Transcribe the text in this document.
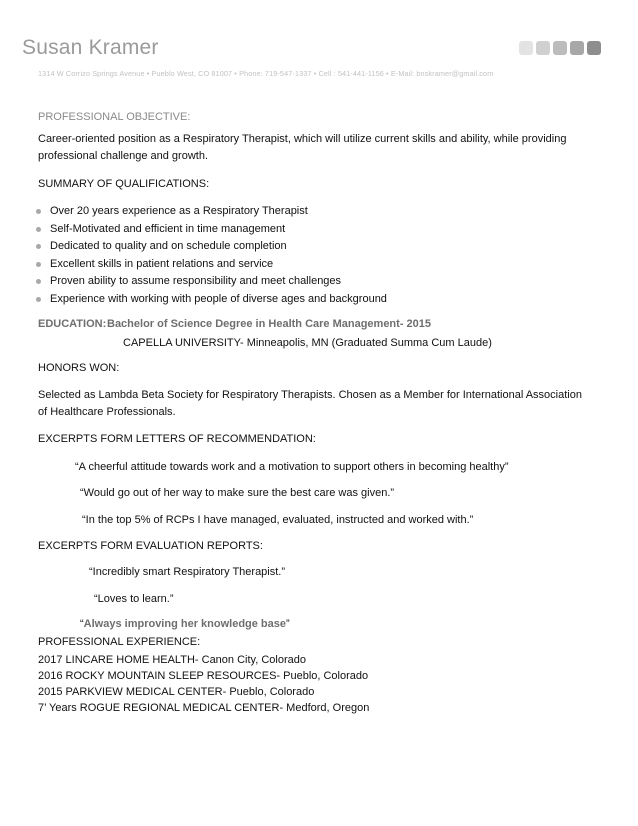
Susan Kramer
1314 W Corrizo Springs Avenue • Pueblo West, CO 81007 • Phone: 719-547-1337 • Cell : 541-441-1156 • E-Mail: bnskramer@gmail.com
PROFESSIONAL OBJECTIVE:
Career-oriented position as a Respiratory Therapist, which will utilize current skills and ability, while providing
professional challenge and growth.
SUMMARY OF QUALIFICATIONS:
Over 20 years experience as a Respiratory Therapist
Self-Motivated and efficient in time management
Dedicated to quality and on schedule completion
Excellent skills in patient relations and service
Proven ability to assume responsibility and meet challenges
Experience with working with people of diverse ages and background
EDUCATION: Bachelor of Science Degree in Health Care Management- 2015
CAPELLA UNIVERSITY- Minneapolis, MN (Graduated Summa Cum Laude)
HONORS WON:
Selected as Lambda Beta Society for Respiratory Therapists. Chosen as a Member for International Association
of Healthcare Professionals.
EXCERPTS FORM LETTERS OF RECOMMENDATION:
“A cheerful attitude towards work and a motivation to support others in becoming healthy”
“Would go out of her way to make sure the best care was given.”
“In the top 5% of RCPs I have managed, evaluated, instructed and worked with.”
EXCERPTS FORM EVALUATION REPORTS:
“Incredibly smart Respiratory Therapist.”
“Loves to learn.”
“Always improving her knowledge base”
PROFESSIONAL EXPERIENCE:
2017 LINCARE HOME HEALTH- Canon City, Colorado
2016 ROCKY MOUNTAIN SLEEP RESOURCES- Pueblo, Colorado
2015 PARKVIEW MEDICAL CENTER- Pueblo, Colorado
7’ Years ROGUE REGIONAL MEDICAL CENTER- Medford, Oregon
